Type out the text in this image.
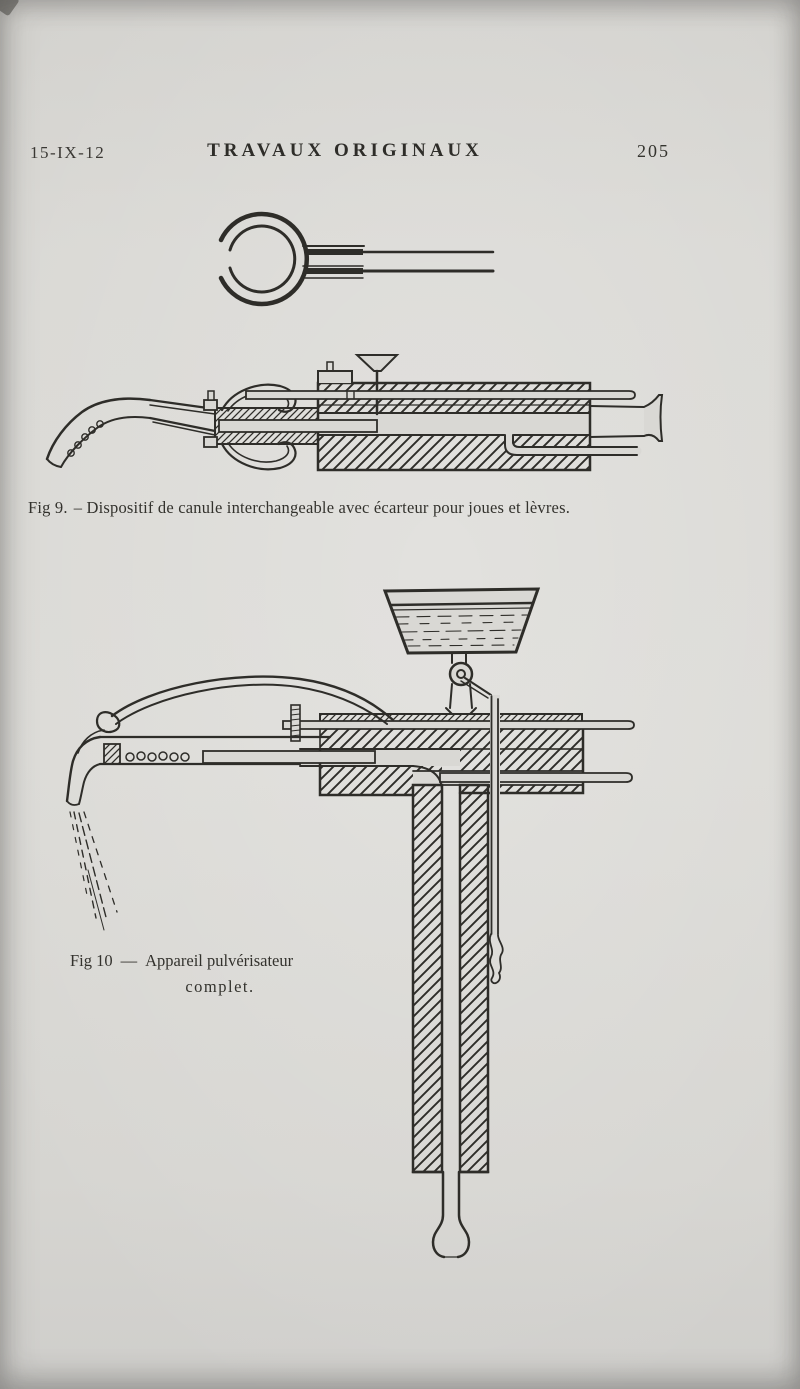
15-IX-12	TRAVAUX ORIGINAUX	205
Fig 9. – Dispositif de canule interchangeable avec écarteur pour joues et lèvres.
Fig 10 — Appareil pulvérisateur
complet.
